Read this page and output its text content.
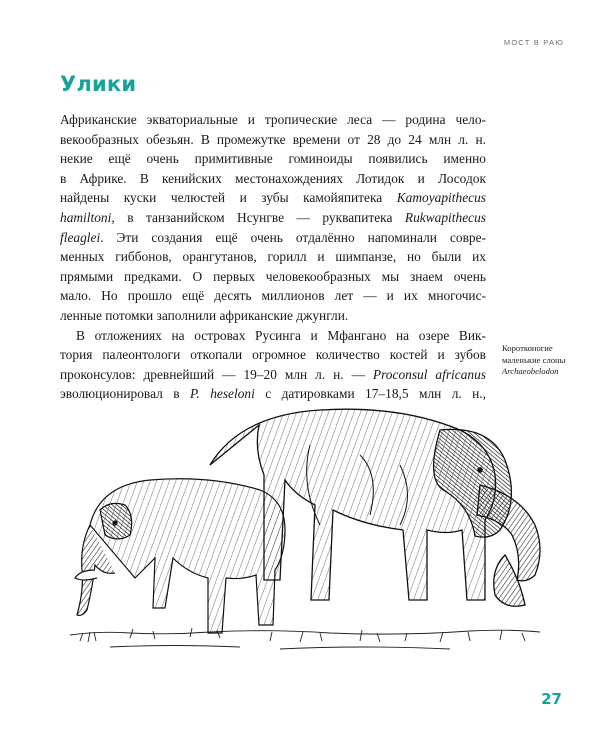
МОСТ В РАЮ
Улики

Африканские экваториальные и тропические леса — родина чело-
векообразных обезьян. В промежутке времени от 28 до 24 млн л. н.
некие ещё очень примитивные гоминоиды появились именно
в Африке. В кенийских местонахождениях Лотидок и Лосодок
найдены куски челюстей и зубы камойяпитека Kamoyapithecus
hamiltoni, в танзанийском Нсунгве — руквапитека Rukwapithecus
fleaglei. Эти создания ещё очень отдалённо напоминали совре-
менных гиббонов, орангутанов, горилл и шимпанзе, но были их
прямыми предками. О первых человекообразных мы знаем очень
мало. Но прошло ещё десять миллионов лет — и их многочис-
ленные потомки заполнили африканские джунгли.

В отложениях на островах Русинга и Мфангано на озере Вик-
тория палеонтологи откопали огромное количество костей и зубов
проконсулов: древнейший — 19–20 млн л. н. — Proconsul africanus
эволюционировал в P. heseloni с датировками 17–18,5 млн л. н.,

Коротконогие
маленькие слоны
Archaeobelodon
27
